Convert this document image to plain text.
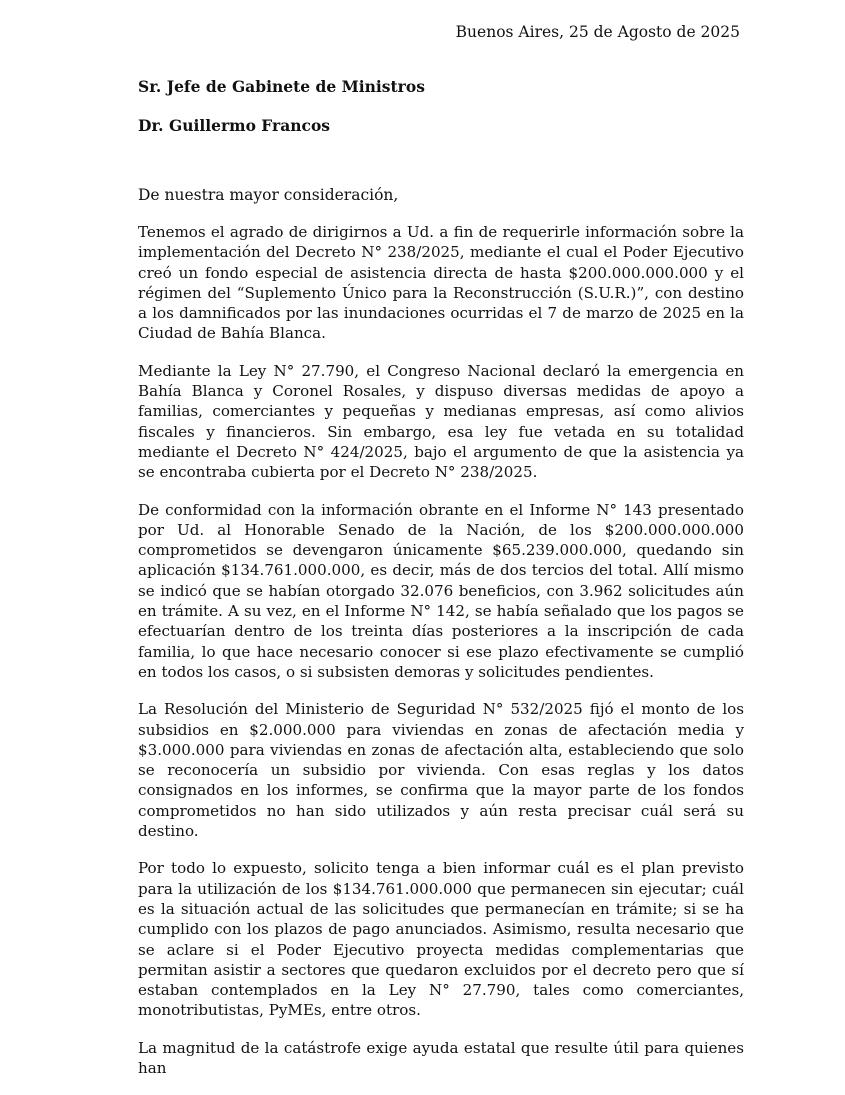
Buenos Aires, 25 de Agosto de 2025
Sr. Jefe de Gabinete de Ministros
Dr. Guillermo Francos
De nuestra mayor consideración,

Tenemos el agrado de dirigirnos a Ud. a fin de requerirle información sobre la implementación del Decreto N° 238/2025, mediante el cual el Poder Ejecutivo creó un fondo especial de asistencia directa de hasta $200.000.000.000 y el régimen del “Suplemento Único para la Reconstrucción (S.U.R.)”, con destino a los damnificados por las inundaciones ocurridas el 7 de marzo de 2025 en la Ciudad de Bahía Blanca.

Mediante la Ley N° 27.790, el Congreso Nacional declaró la emergencia en Bahía Blanca y Coronel Rosales, y dispuso diversas medidas de apoyo a familias, comerciantes y pequeñas y medianas empresas, así como alivios fiscales y financieros. Sin embargo, esa ley fue vetada en su totalidad mediante el Decreto N° 424/2025, bajo el argumento de que la asistencia ya se encontraba cubierta por el Decreto N° 238/2025.

De conformidad con la información obrante en el Informe N° 143 presentado por Ud. al Honorable Senado de la Nación, de los $200.000.000.000 comprometidos se devengaron únicamente $65.239.000.000, quedando sin aplicación $134.761.000.000, es decir, más de dos tercios del total. Allí mismo se indicó que se habían otorgado 32.076 beneficios, con 3.962 solicitudes aún en trámite. A su vez, en el Informe N° 142, se había señalado que los pagos se efectuarían dentro de los treinta días posteriores a la inscripción de cada familia, lo que hace necesario conocer si ese plazo efectivamente se cumplió en todos los casos, o si subsisten demoras y solicitudes pendientes.

La Resolución del Ministerio de Seguridad N° 532/2025 fijó el monto de los subsidios en $2.000.000 para viviendas en zonas de afectación media y $3.000.000 para viviendas en zonas de afectación alta, estableciendo que solo se reconocería un subsidio por vivienda. Con esas reglas y los datos consignados en los informes, se confirma que la mayor parte de los fondos comprometidos no han sido utilizados y aún resta precisar cuál será su destino.

Por todo lo expuesto, solicito tenga a bien informar cuál es el plan previsto para la utilización de los $134.761.000.000 que permanecen sin ejecutar; cuál es la situación actual de las solicitudes que permanecían en trámite; si se ha cumplido con los plazos de pago anunciados. Asimismo, resulta necesario que se aclare si el Poder Ejecutivo proyecta medidas complementarias que permitan asistir a sectores que quedaron excluidos por el decreto pero que sí estaban contemplados en la Ley N° 27.790, tales como comerciantes, monotributistas, PyMEs, entre otros.

La magnitud de la catástrofe exige ayuda estatal que resulte útil para quienes han
